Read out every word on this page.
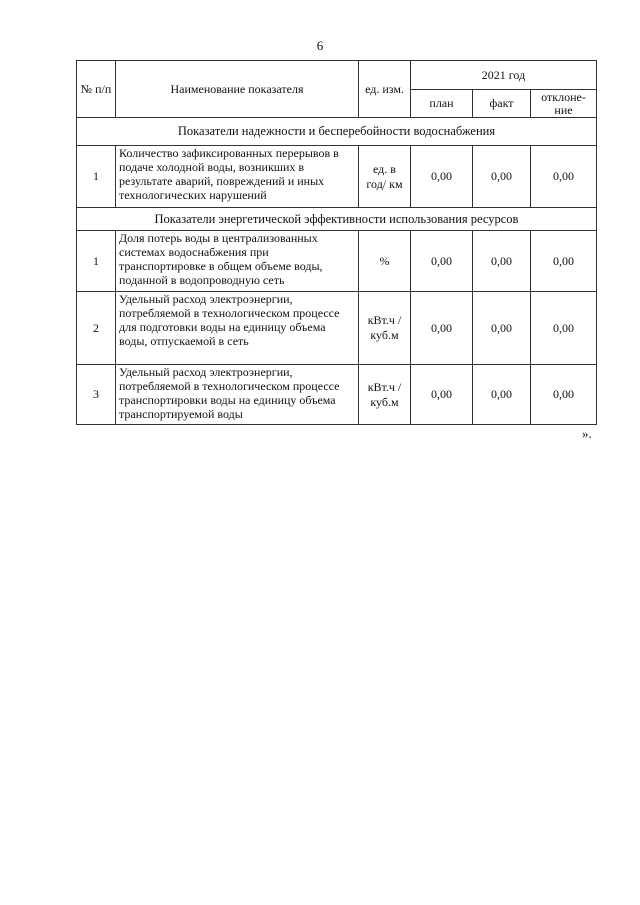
6
№ п/п	Наименование показателя	ед. изм.	2021 год		
			план	факт	отклоне-ние
Показатели надежности и бесперебойности водоснабжения					
1	Количество зафиксированных перерывов в подаче холодной воды, возникших в результате аварий, повреждений и иных технологических нарушений	ед. в год/ км	0,00	0,00	0,00
Показатели энергетической эффективности использования ресурсов					
1	Доля потерь воды в централизованных системах водоснабжения при транспортировке в общем объеме воды, поданной в водопроводную сеть	%	0,00	0,00	0,00
2	Удельный расход электроэнергии, потребляемой в технологическом процессе для подготовки воды на единицу объема воды, отпускаемой в сеть	кВт.ч / куб.м	0,00	0,00	0,00
3	Удельный расход электроэнергии, потребляемой в технологическом процессе транспортировки воды на единицу объема транспортируемой воды	кВт.ч / куб.м	0,00	0,00	0,00
».
